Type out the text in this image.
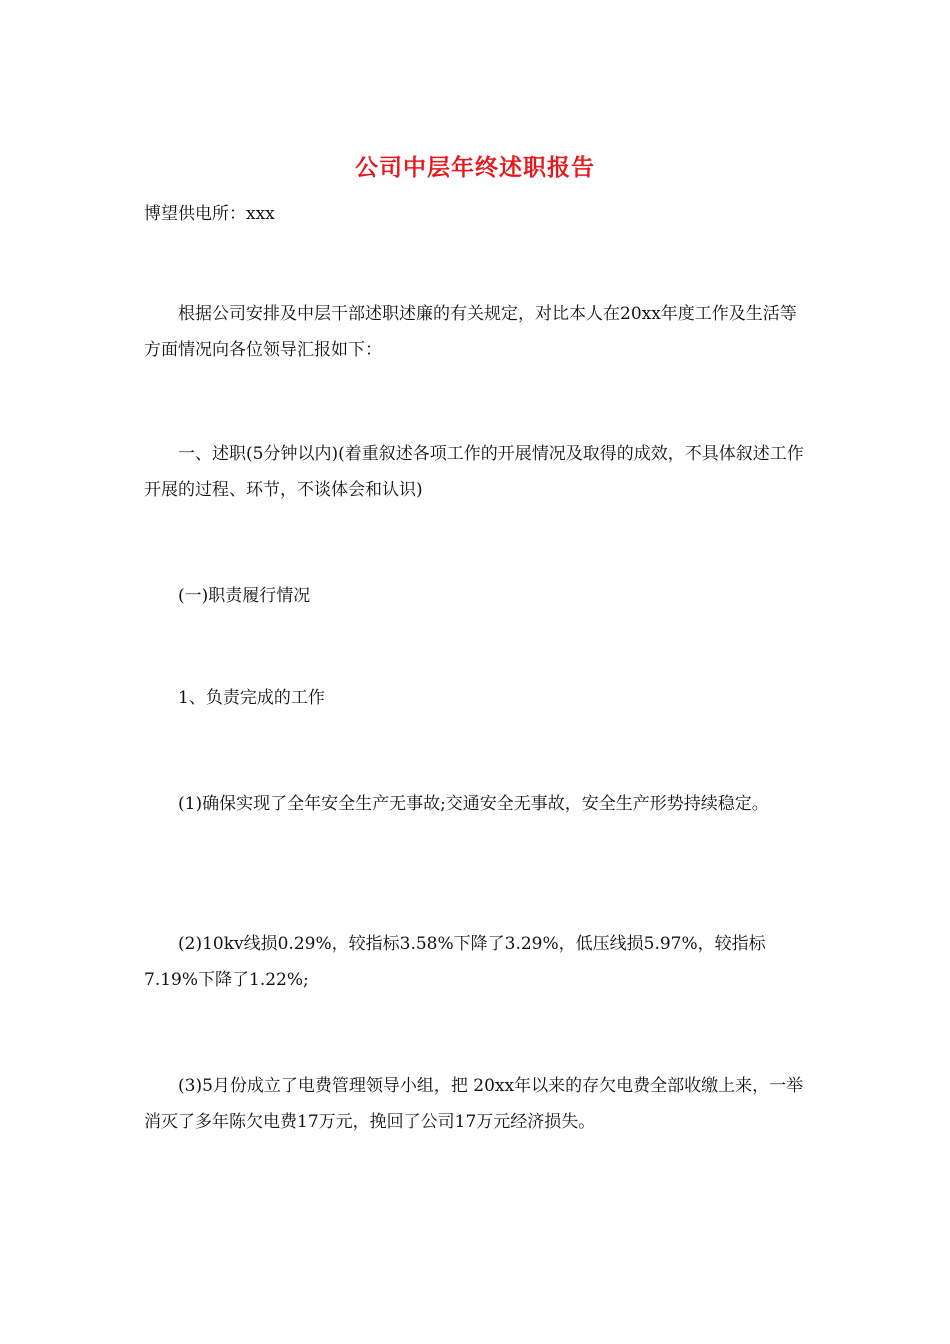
公司中层年终述职报告

博望供电所：xxx

根据公司安排及中层干部述职述廉的有关规定，对比本人在20xx年度工作及生活等方面情况向各位领导汇报如下：

一、述职(5分钟以内)(着重叙述各项工作的开展情况及取得的成效，不具体叙述工作开展的过程、环节，不谈体会和认识)

(一)职责履行情况

1、负责完成的工作

(1)确保实现了全年安全生产无事故;交通安全无事故，安全生产形势持续稳定。

(2)10kv线损0.29%，较指标3.58%下降了3.29%，低压线损5.97%，较指标7.19%下降了1.22%;

(3)5月份成立了电费管理领导小组，把 20xx年以来的存欠电费全部收缴上来，一举消灭了多年陈欠电费17万元，挽回了公司17万元经济损失。
